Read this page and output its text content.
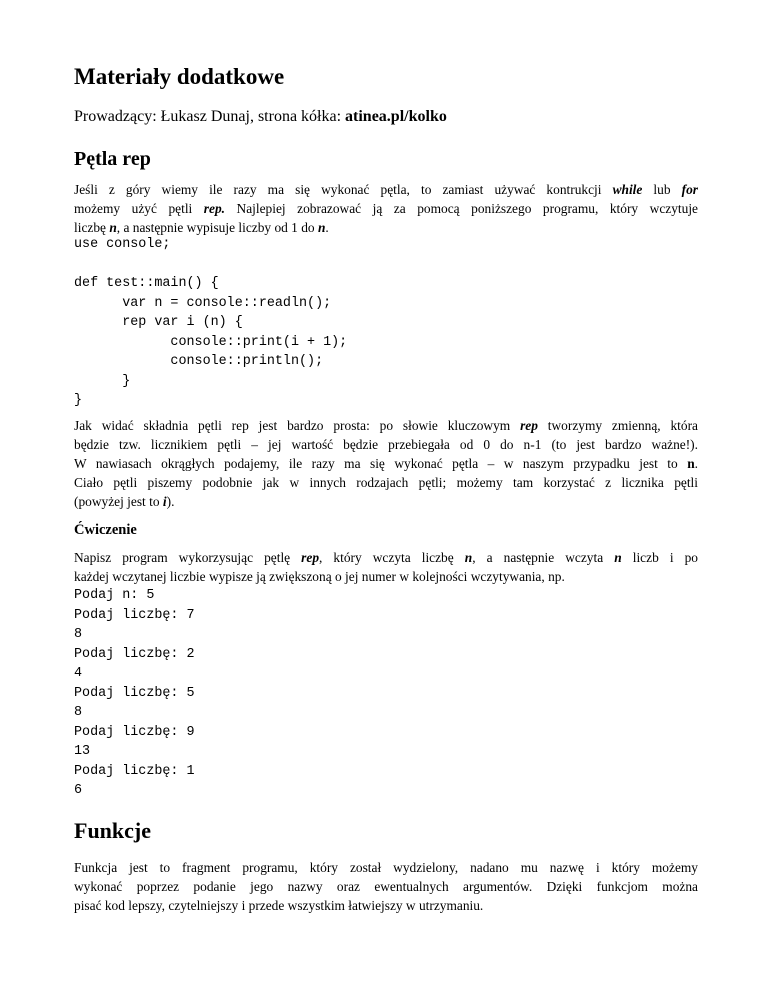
Materiały dodatkowe

Prowadzący: Łukasz Dunaj, strona kółka: atinea.pl/kolko

Pętla rep
Jeśli z góry wiemy ile razy ma się wykonać pętla, to zamiast używać kontrukcji while lub for
możemy użyć pętli rep. Najlepiej zobrazować ją za pomocą poniższego programu, który wczytuje
liczbę n, a następnie wypisuje liczby od 1 do n.
use console;
def test::main() {
var n = console::readln();
rep var i (n) {
console::print(i + 1);
console::println();
}
}
Jak widać składnia pętli rep jest bardzo prosta: po słowie kluczowym rep tworzymy zmienną, która
będzie tzw. licznikiem pętli – jej wartość będzie przebiegała od 0 do n-1 (to jest bardzo ważne!).
W nawiasach okrągłych podajemy, ile razy ma się wykonać pętla – w naszym przypadku jest to n.
Ciało pętli piszemy podobnie jak w innych rodzajach pętli; możemy tam korzystać z licznika pętli
(powyżej jest to i).
Ćwiczenie
Napisz program wykorzysując pętlę rep, który wczyta liczbę n, a następnie wczyta n liczb i po
każdej wczytanej liczbie wypisze ją zwiększoną o jej numer w kolejności wczytywania, np.
Podaj n: 5
Podaj liczbę: 7
8
Podaj liczbę: 2
4
Podaj liczbę: 5
8
Podaj liczbę: 9
13
Podaj liczbę: 1
6
Funkcje
Funkcja jest to fragment programu, który został wydzielony, nadano mu nazwę i który możemy
wykonać poprzez podanie jego nazwy oraz ewentualnych argumentów. Dzięki funkcjom można
pisać kod lepszy, czytelniejszy i przede wszystkim łatwiejszy w utrzymaniu.
